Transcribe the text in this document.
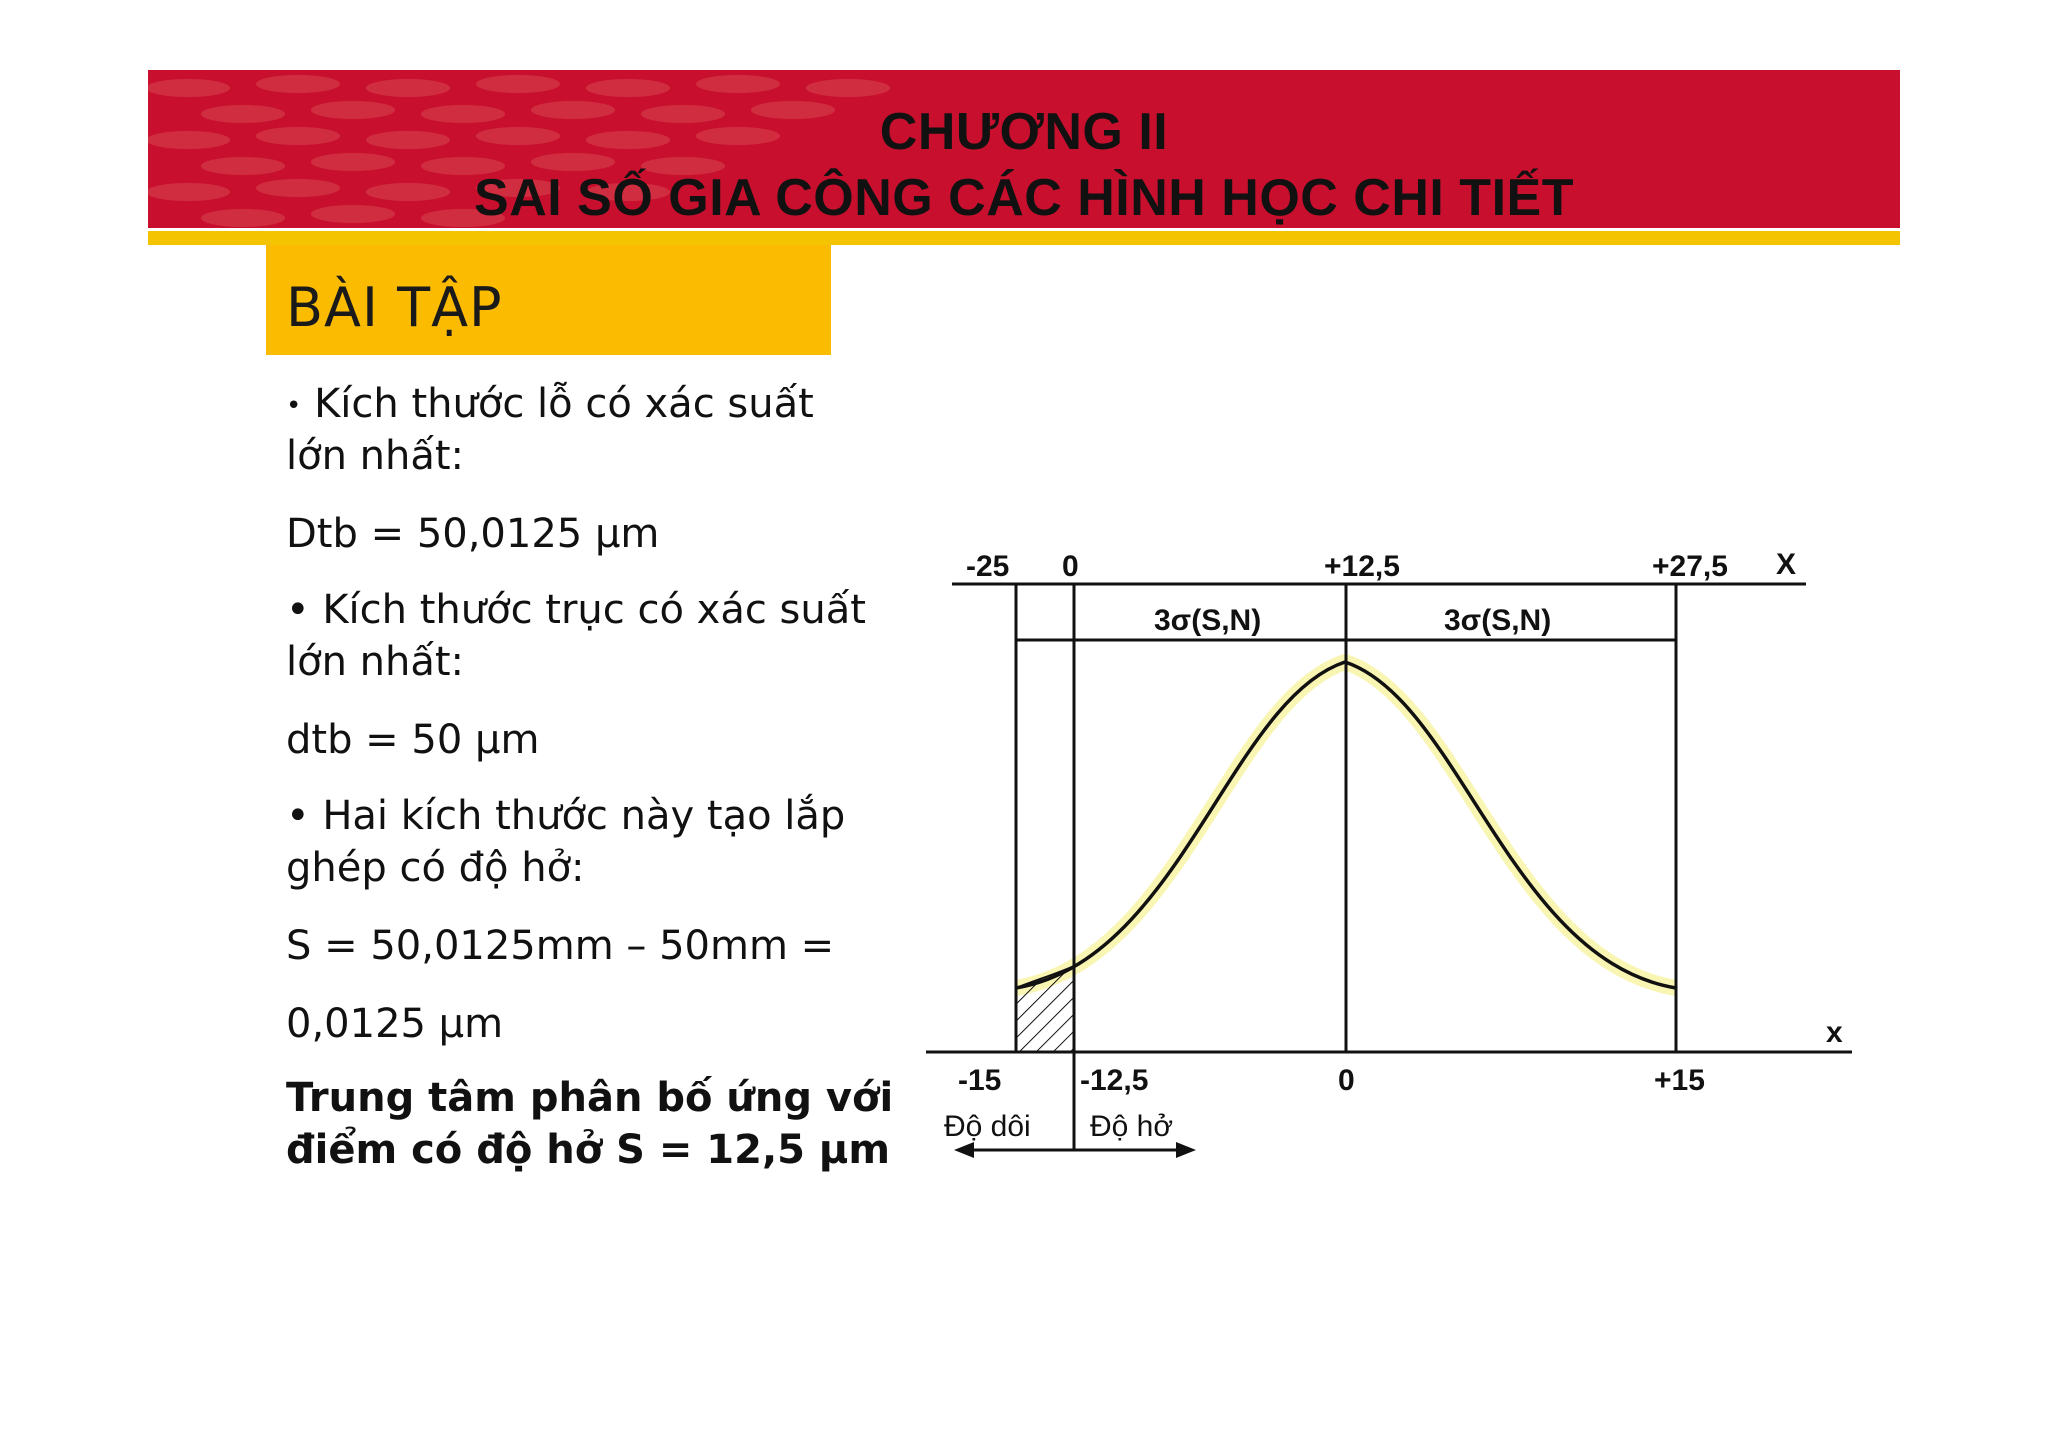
CHƯƠNG II
SAI SỐ GIA CÔNG CÁC HÌNH HỌC CHI TIẾT
BÀI TẬP
• Kích thước lỗ có xác suất
lớn nhất:
Dtb = 50,0125 μm
• Kích thước trục có xác suất
lớn nhất:
dtb = 50 μm
• Hai kích thước này tạo lắp
ghép có độ hở:
S = 50,0125mm – 50mm =
0,0125 μm
Trung tâm phân bố ứng với
điểm có độ hở S = 12,5 μm
-25 0	+12,5	+27,5 X
3σ(S,N)	3σ(S,N)
x
-15	-12,5	0	+15
Độ dôi Độ hở
